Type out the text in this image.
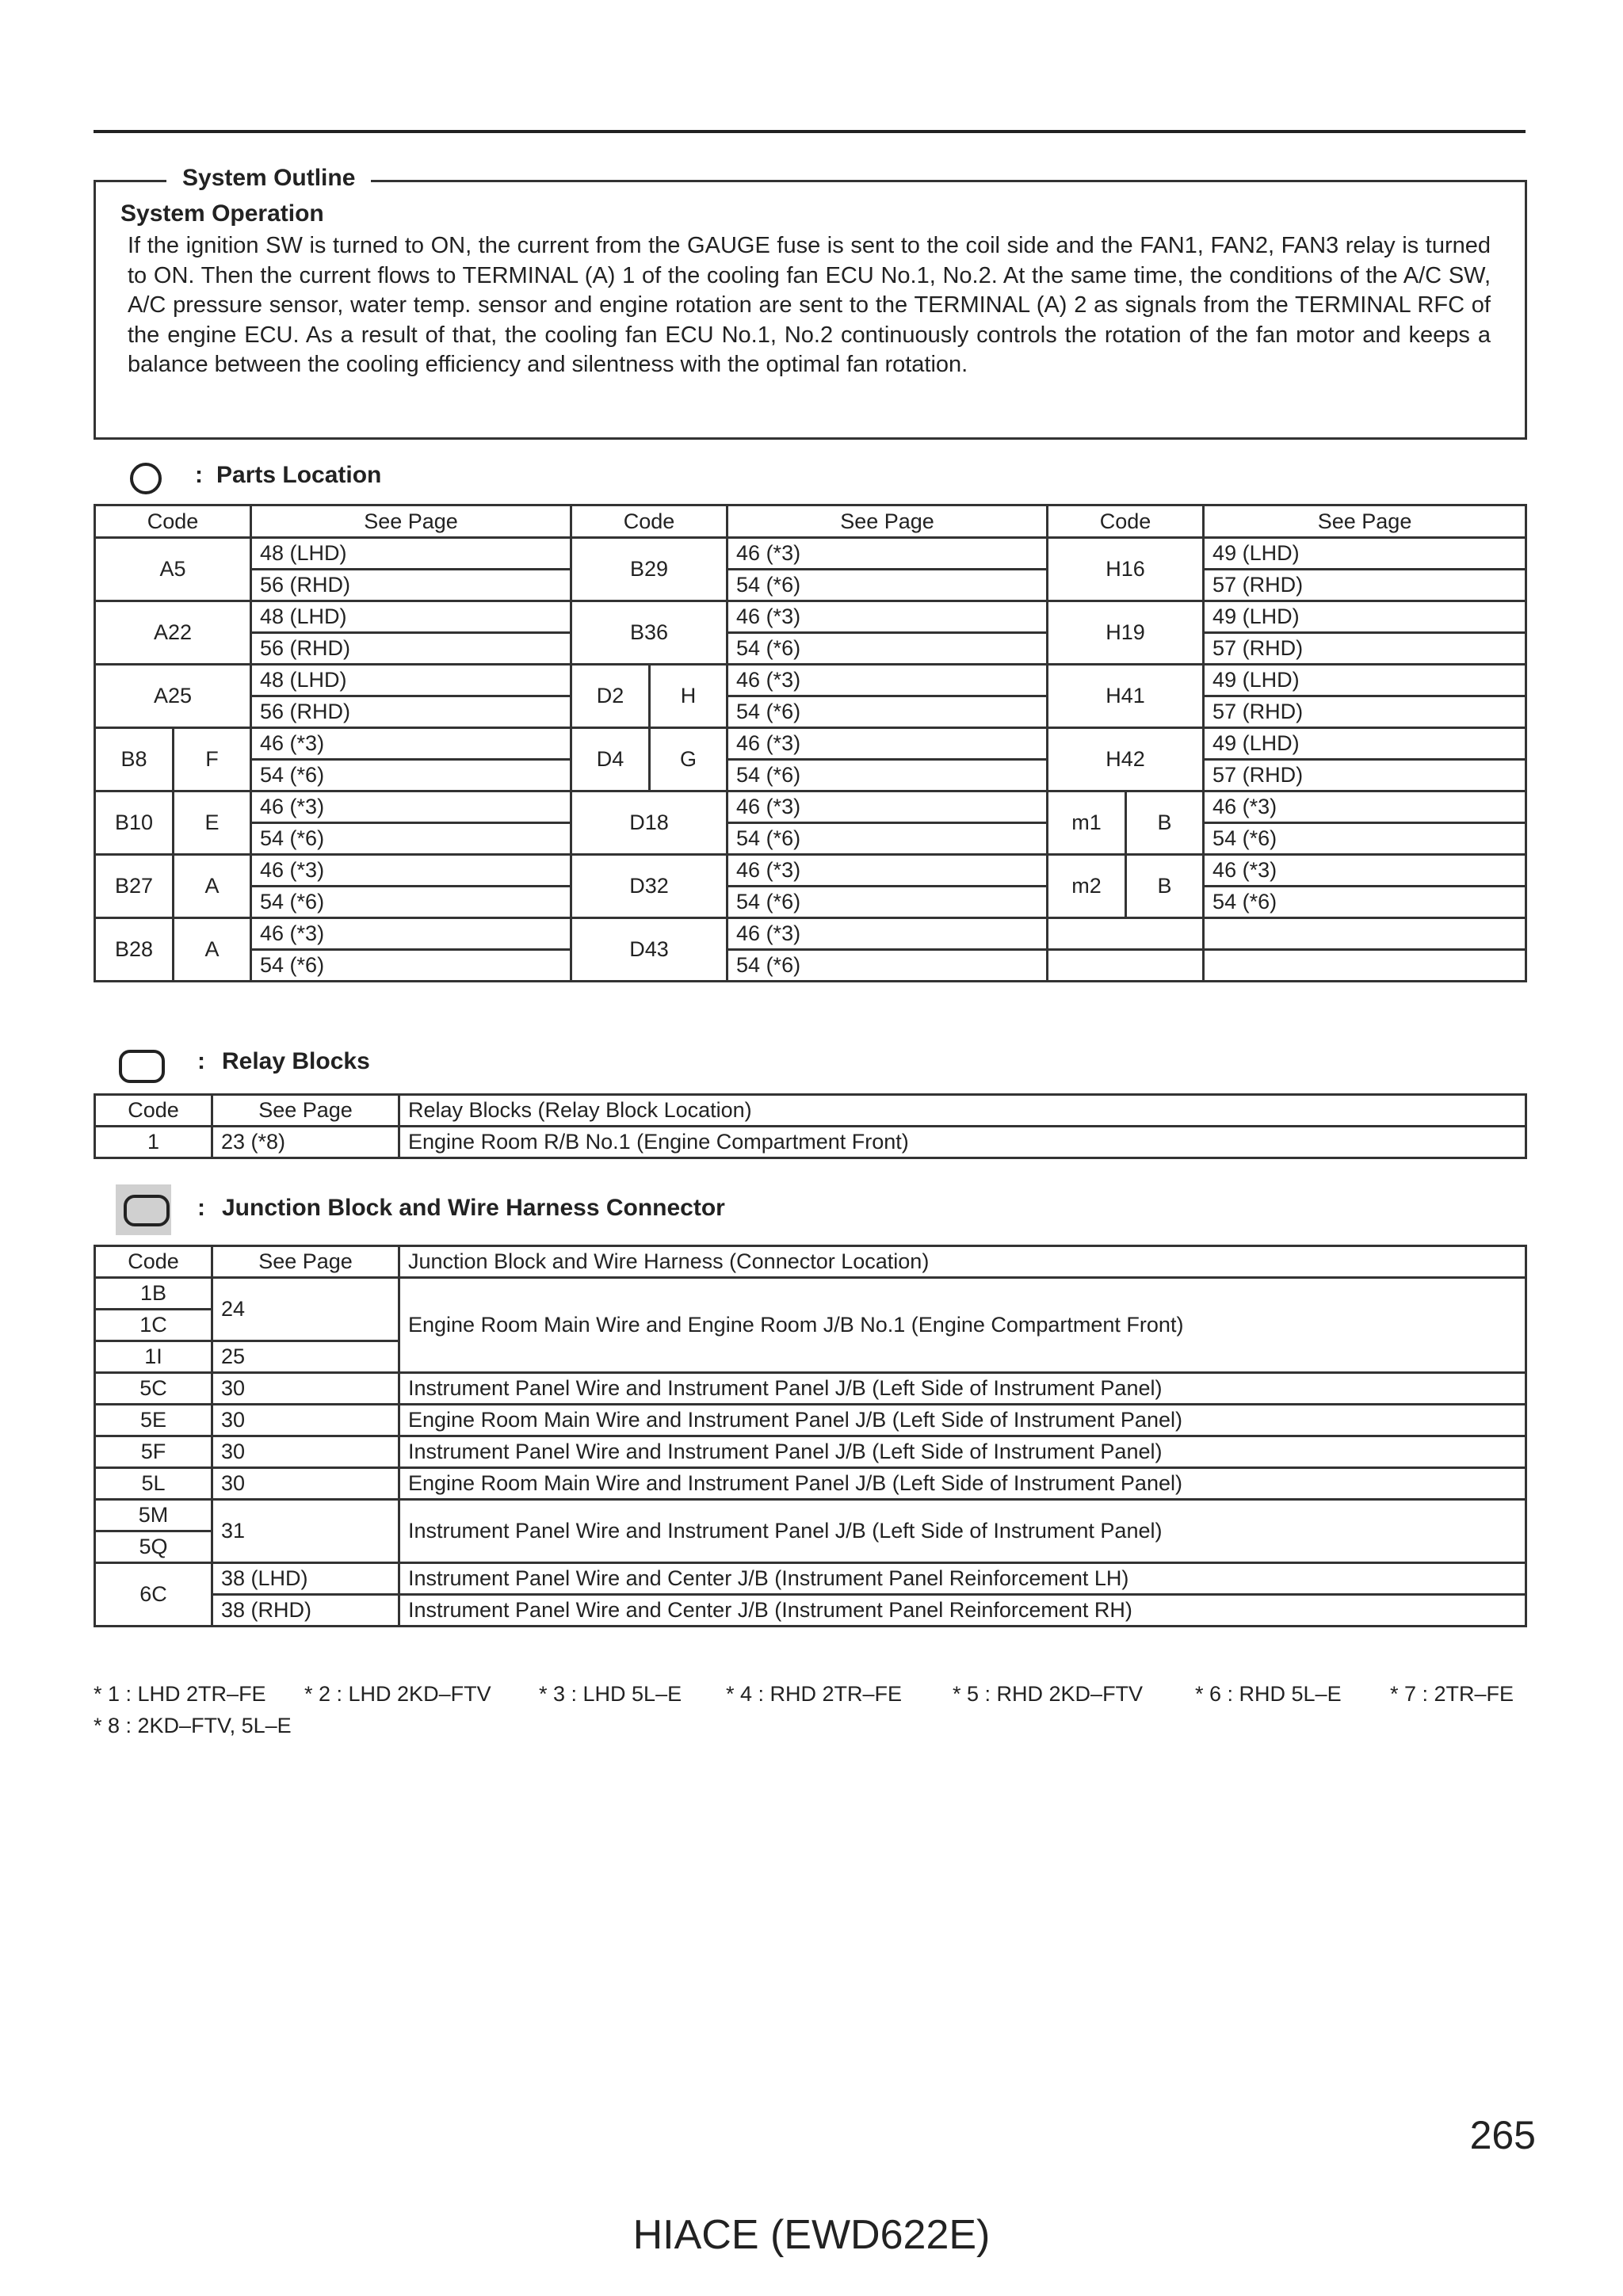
System Outline
System Operation
If the ignition SW is turned to ON, the current from the GAUGE fuse is sent to the coil side and the FAN1, FAN2, FAN3 relay is turned to ON. Then the current flows to TERMINAL (A) 1 of the cooling fan ECU No.1, No.2. At the same time, the conditions of the A/C SW, A/C pressure sensor, water temp. sensor and engine rotation are sent to the TERMINAL (A) 2 as signals from the TERMINAL RFC of the engine ECU. As a result of that, the cooling fan ECU No.1, No.2 continuously controls the rotation of the fan motor and keeps a balance between the cooling efficiency and silentness with the optimal fan rotation.
: Parts Location
Code		See Page	Code		See Page	Code		See Page
A5		48 (LHD)	B29		46 (*3)	H16		49 (LHD)
		56 (RHD)			54 (*6)			57 (RHD)
A22		48 (LHD)	B36		46 (*3)	H19		49 (LHD)
		56 (RHD)			54 (*6)			57 (RHD)
A25		48 (LHD)	D2	H	46 (*3)	H41		49 (LHD)
		56 (RHD)			54 (*6)			57 (RHD)
B8	F	46 (*3)	D4	G	46 (*3)	H42		49 (LHD)
		54 (*6)			54 (*6)			57 (RHD)
B10	E	46 (*3)	D18		46 (*3)	m1	B	46 (*3)
		54 (*6)			54 (*6)			54 (*6)
B27	A	46 (*3)	D32		46 (*3)	m2	B	46 (*3)
		54 (*6)			54 (*6)			54 (*6)
B28	A	46 (*3)	D43		46 (*3)			
		54 (*6)			54 (*6)			
: Relay Blocks
Code	See Page	Relay Blocks (Relay Block Location)
1	23 (*8)	Engine Room R/B No.1 (Engine Compartment Front)
: Junction Block and Wire Harness Connector
Code	See Page	Junction Block and Wire Harness (Connector Location)
1B	24	Engine Room Main Wire and Engine Room J/B No.1 (Engine Compartment Front)
1C		
1I	25	
5C	30	Instrument Panel Wire and Instrument Panel J/B (Left Side of Instrument Panel)
5E	30	Engine Room Main Wire and Instrument Panel J/B (Left Side of Instrument Panel)
5F	30	Instrument Panel Wire and Instrument Panel J/B (Left Side of Instrument Panel)
5L	30	Engine Room Main Wire and Instrument Panel J/B (Left Side of Instrument Panel)
5M	31	Instrument Panel Wire and Instrument Panel J/B (Left Side of Instrument Panel)
5Q		
6C	38 (LHD)	Instrument Panel Wire and Center J/B (Instrument Panel Reinforcement LH)
	38 (RHD)	Instrument Panel Wire and Center J/B (Instrument Panel Reinforcement RH)
* 1 : LHD 2TR–FE * 2 : LHD 2KD–FTV * 3 : LHD 5L–E * 4 : RHD 2TR–FE * 5 : RHD 2KD–FTV * 6 : RHD 5L–E * 7 : 2TR–FE
* 8 : 2KD–FTV, 5L–E
265
HIACE (EWD622E)
